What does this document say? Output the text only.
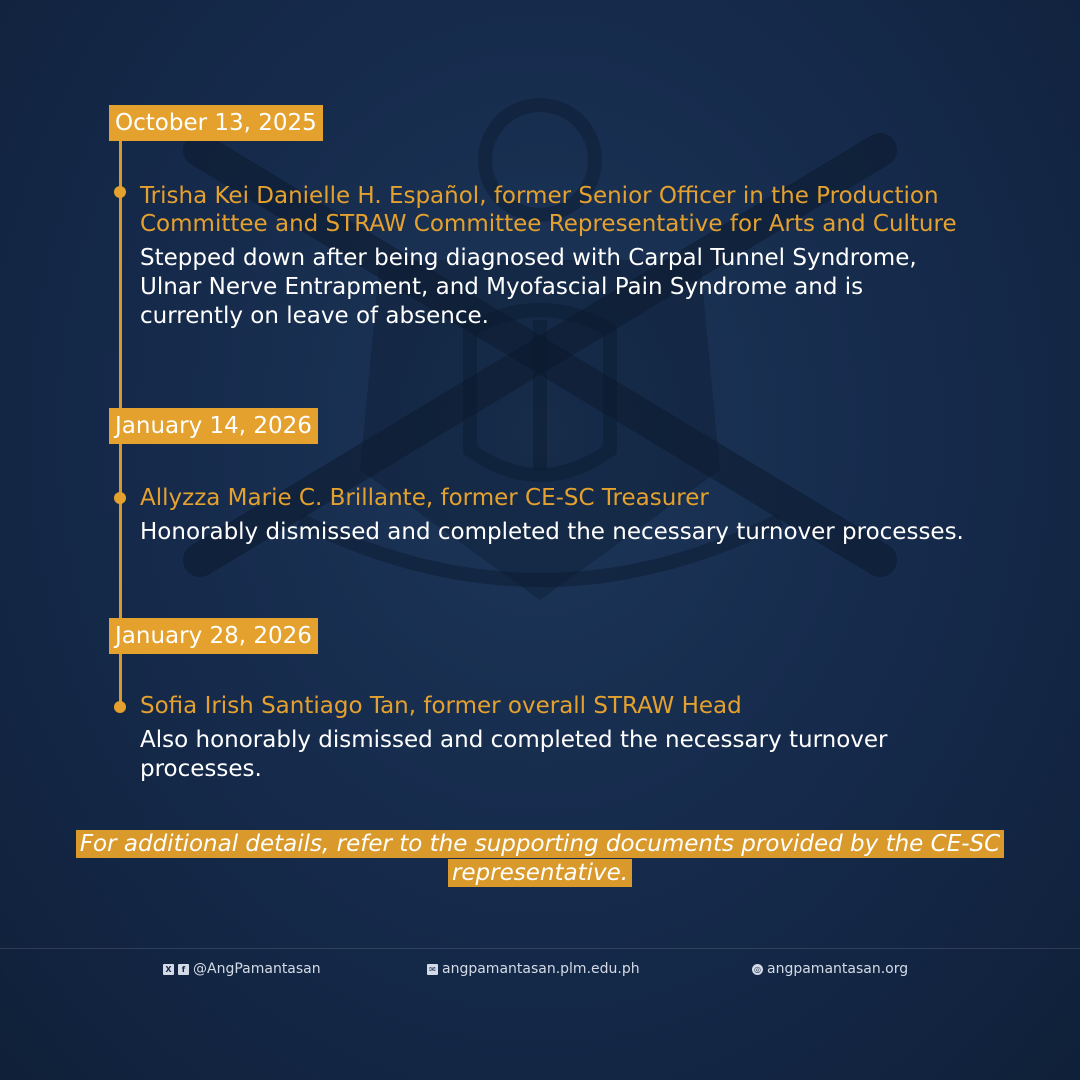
October 13, 2025
Trisha Kei Danielle H. Español, former Senior Officer in the Production Committee and STRAW Committee Representative for Arts and Culture
Stepped down after being diagnosed with Carpal Tunnel Syndrome, Ulnar Nerve Entrapment, and Myofascial Pain Syndrome and is currently on leave of absence.
January 14, 2026
Allyzza Marie C. Brillante, former CE-SC Treasurer
Honorably dismissed and completed the necessary turnover processes.
January 28, 2026
Sofia Irish Santiago Tan, former overall STRAW Head
Also honorably dismissed and completed the necessary turnover processes.
For additional details, refer to the supporting documents provided by the CE-SC representative.
X	f @AngPamantasan	✉ angpamantasan.plm.edu.ph	◎ angpamantasan.org
